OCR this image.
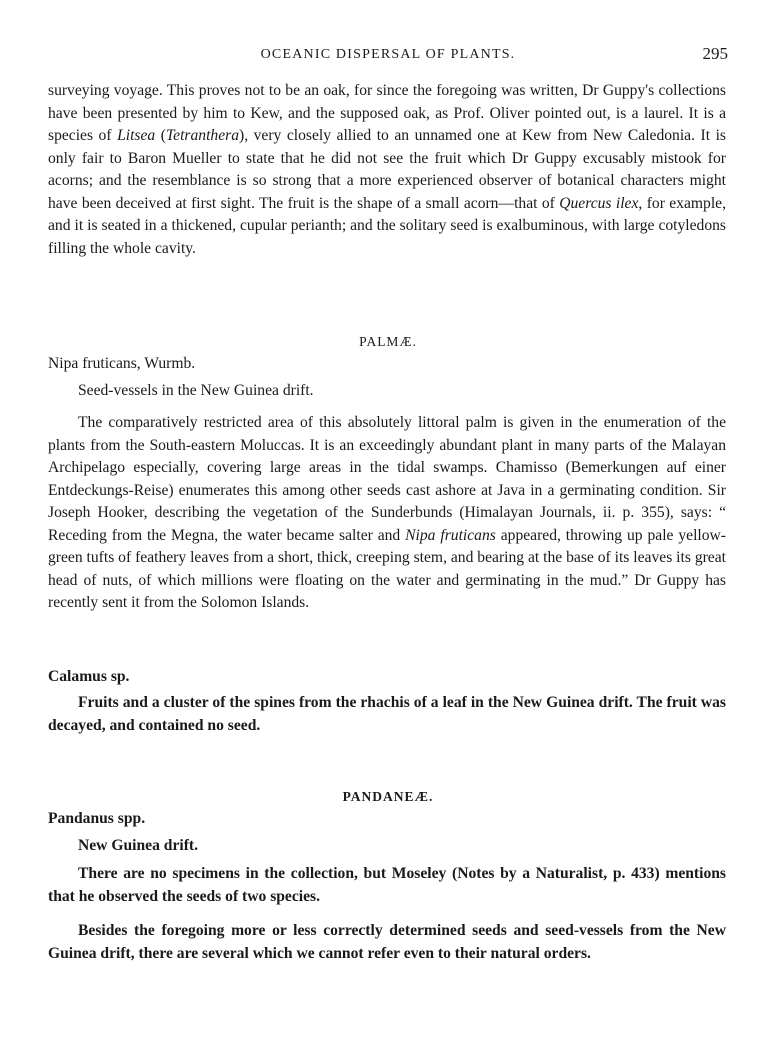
OCEANIC DISPERSAL OF PLANTS.	295

surveying voyage. This proves not to be an oak, for since the foregoing was written, Dr Guppy's collections have been presented by him to Kew, and the supposed oak, as Prof. Oliver pointed out, is a laurel. It is a species of Litsea (Tetranthera), very closely allied to an unnamed one at Kew from New Caledonia. It is only fair to Baron Mueller to state that he did not see the fruit which Dr Guppy excusably mistook for acorns; and the resemblance is so strong that a more experienced observer of botanical characters might have been deceived at first sight. The fruit is the shape of a small acorn—that of Quercus ilex, for example, and it is seated in a thickened, cupular perianth; and the solitary seed is exalbuminous, with large cotyledons filling the whole cavity.

PALMÆ.

Nipa fruticans, Wurmb.

Seed-vessels in the New Guinea drift.

The comparatively restricted area of this absolutely littoral palm is given in the enumeration of the plants from the South-eastern Moluccas. It is an exceedingly abundant plant in many parts of the Malayan Archipelago especially, covering large areas in the tidal swamps. Chamisso (Bemerkungen auf einer Entdeckungs-Reise) enumerates this among other seeds cast ashore at Java in a germinating condition. Sir Joseph Hooker, describing the vegetation of the Sunderbunds (Himalayan Journals, ii. p. 355), says: “ Receding from the Megna, the water became salter and Nipa fruticans appeared, throwing up pale yellow-green tufts of feathery leaves from a short, thick, creeping stem, and bearing at the base of its leaves its great head of nuts, of which millions were floating on the water and germinating in the mud.” Dr Guppy has recently sent it from the Solomon Islands.

Calamus sp.

Fruits and a cluster of the spines from the rhachis of a leaf in the New Guinea drift. The fruit was decayed, and contained no seed.

PANDANEÆ.

Pandanus spp.

New Guinea drift.

There are no specimens in the collection, but Moseley (Notes by a Naturalist, p. 433) mentions that he observed the seeds of two species.

Besides the foregoing more or less correctly determined seeds and seed-vessels from the New Guinea drift, there are several which we cannot refer even to their natural orders.
